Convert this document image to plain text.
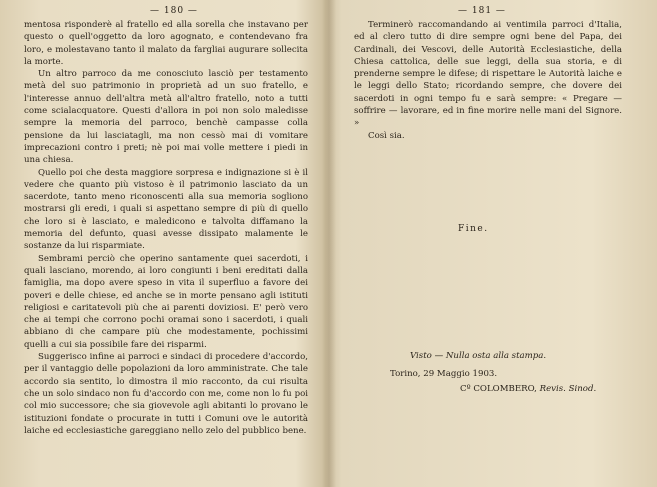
— 180 —

mentosa risponderè al fratello ed alla sorella che instavano per questo o quell'oggetto da loro agognato, e contendevano fra loro, e molestavano tanto il malato da fargliai augurare sollecita la morte.

Un altro parroco da me conosciuto lasciò per testamento metà del suo patrimonio in proprietà ad un suo fratello, e l'interesse annuo dell'altra metà all'altro fratello, noto a tutti come scialacquatore. Questi d'allora in poi non solo maledisse sempre la memoria del parroco, benchè campasse colla pensione da lui lasciatagli, ma non cessò mai di vomitare imprecazioni contro i preti; nè poi mai volle mettere i piedi in una chiesa.

Quello poi che desta maggiore sorpresa e indignazione si è il vedere che quanto più vistoso è il patrimonio lasciato da un sacerdote, tanto meno riconoscenti alla sua memoria sogliono mostrarsi gli eredi, i quali si aspettano sempre di più di quello che loro si è lasciato, e maledicono e talvolta diffamano la memoria del defunto, quasi avesse dissipato malamente le sostanze da lui risparmiate.

Sembrami perciò che operino santamente quei sacerdoti, i quali lasciano, morendo, ai loro congiunti i beni ereditati dalla famiglia, ma dopo avere speso in vita il superfluo a favore dei poveri e delle chiese, ed anche se in morte pensano agli istituti religiosi e caritatevoli più che ai parenti doviziosi. E' però vero che ai tempi che corrono pochi oramai sono i sacerdoti, i quali abbiano di che campare più che modestamente, pochissimi quelli a cui sia possibile fare dei risparmi.

Suggerisco infine ai parroci e sindaci di procedere d'accordo, per il vantaggio delle popolazioni da loro amministrate. Che tale accordo sia sentito, lo dimostra il mio racconto, da cui risulta che un solo sindaco non fu d'accordo con me, come non lo fu poi col mio successore; che sia giovevole agli abitanti lo provano le istituzioni fondate o procurate in tutti i Comuni ove le autorità laiche ed ecclesiastiche gareggiano nello zelo del pubblico bene.

— 181 —

Terminerò raccomandando ai ventimila parroci d'Italia, ed al clero tutto di dire sempre ogni bene del Papa, dei Cardinali, dei Vescovi, delle Autorità Ecclesiastiche, della Chiesa cattolica, delle sue leggi, della sua storia, e di prenderne sempre le difese; di rispettare le Autorità laiche e le leggi dello Stato; ricordando sempre, che dovere dei sacerdoti in ogni tempo fu e sarà sempre: « Pregare — soffrire — lavorare, ed in fine morire nelle mani del Signore. »

Così sia.

Fine.
Visto — Nulla osta alla stampa.
Torino, 29 Maggio 1903.
Cº COLOMBERO, Revis. Sinod.
